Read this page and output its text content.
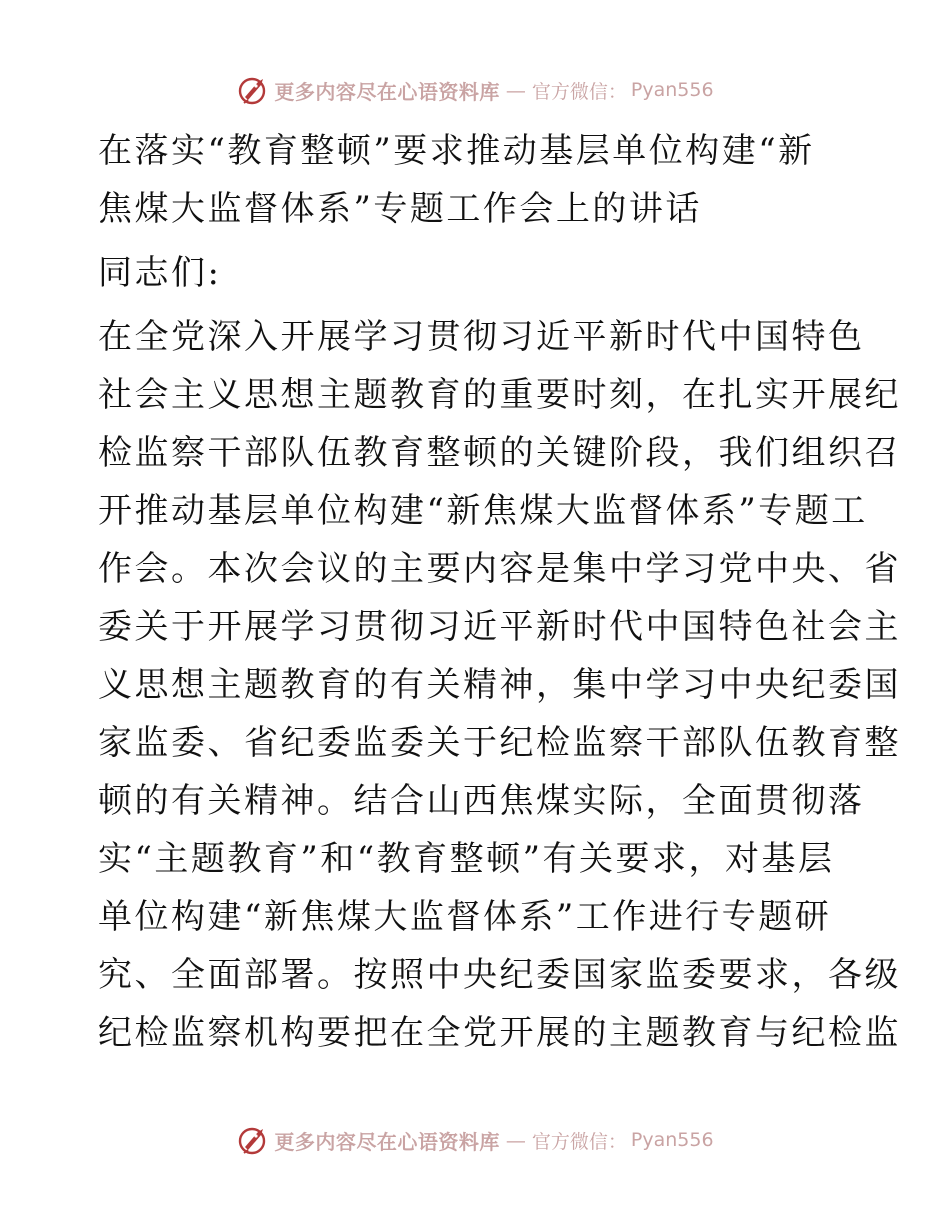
更多内容尽在心语资料库 — 官方微信： Pyan556
在落实“教育整顿”要求推动基层单位构建“新
焦煤大监督体系”专题工作会上的讲话
同志们:
在全党深入开展学习贯彻习近平新时代中国特色
社会主义思想主题教育的重要时刻，在扎实开展纪
检监察干部队伍教育整顿的关键阶段，我们组织召
开推动基层单位构建“新焦煤大监督体系”专题工
作会。本次会议的主要内容是集中学习党中央、省
委关于开展学习贯彻习近平新时代中国特色社会主
义思想主题教育的有关精神，集中学习中央纪委国
家监委、省纪委监委关于纪检监察干部队伍教育整
顿的有关精神。结合山西焦煤实际，全面贯彻落
实“主题教育”和“教育整顿”有关要求，对基层
单位构建“新焦煤大监督体系”工作进行专题研
究、全面部署。按照中央纪委国家监委要求，各级
纪检监察机构要把在全党开展的主题教育与纪检监
更多内容尽在心语资料库 — 官方微信： Pyan556
